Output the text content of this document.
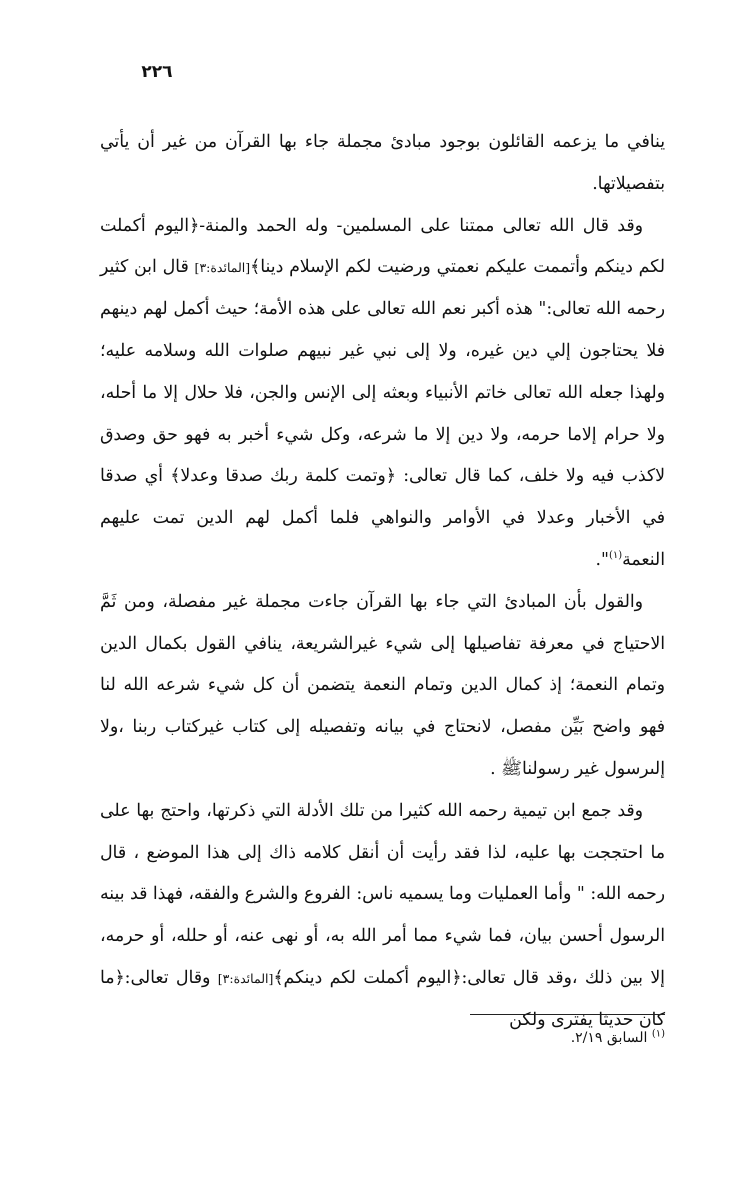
٢٢٦

ينافي ما يزعمه القائلون بوجود مبادئ مجملة جاء بها القرآن من غير أن يأتي بتفصيلاتها.

وقد قال الله تعالى ممتنا على المسلمين- وله الحمد والمنة-﴿اليوم أكملت لكم دينكم وأتممت عليكم نعمتي ورضيت لكم الإسلام دينا﴾[المائدة:٣] قال ابن كثير رحمه الله تعالى:" هذه أكبر نعم الله تعالى على هذه الأمة؛ حيث أكمل لهم دينهم فلا يحتاجون إلي دين غيره، ولا إلى نبي غير نبيهم صلوات الله وسلامه عليه؛ ولهذا جعله الله تعالى خاتم الأنبياء وبعثه إلى الإنس والجن، فلا حلال إلا ما أحله، ولا حرام إلاما حرمه، ولا دين إلا ما شرعه، وكل شيء أخبر به فهو حق وصدق لاكذب فيه ولا خلف، كما قال تعالى: ﴿وتمت كلمة ربك صدقا وعدلا﴾ أي صدقا في الأخبار وعدلا في الأوامر والنواهي فلما أكمل لهم الدين تمت عليهم النعمة$^{(١)}$".

والقول بأن المبادئ التي جاء بها القرآن جاءت مجملة غير مفصلة، ومن ثَمَّ الاحتياج في معرفة تفاصيلها إلى شيء غيرالشريعة، ينافي القول بكمال الدين وتمام النعمة؛ إذ كمال الدين وتمام النعمة يتضمن أن كل شيء شرعه الله لنا فهو واضح بَيِّن مفصل، لانحتاج في بيانه وتفصيله إلى كتاب غيركتاب ربنا ،ولا إلىرسول غير رسولناﷺ .

وقد جمع ابن تيمية رحمه الله كثيرا من تلك الأدلة التي ذكرتها، واحتج بها على ما احتججت بها عليه، لذا فقد رأيت أن أنقل كلامه ذاك إلى هذا الموضع ، قال رحمه الله: " وأما العمليات وما يسميه ناس: الفروع والشرع والفقه، فهذا قد بينه الرسول أحسن بيان، فما شيء مما أمر الله به، أو نهى عنه، أو حلله، أو حرمه، إلا بين ذلك ،وقد قال تعالى:﴿اليوم أكملت لكم دينكم﴾[المائدة:٣] وقال تعالى:﴿ما كان حديثا يفترى ولكن

$^{(١)}$ السابق ٢/١٩.
